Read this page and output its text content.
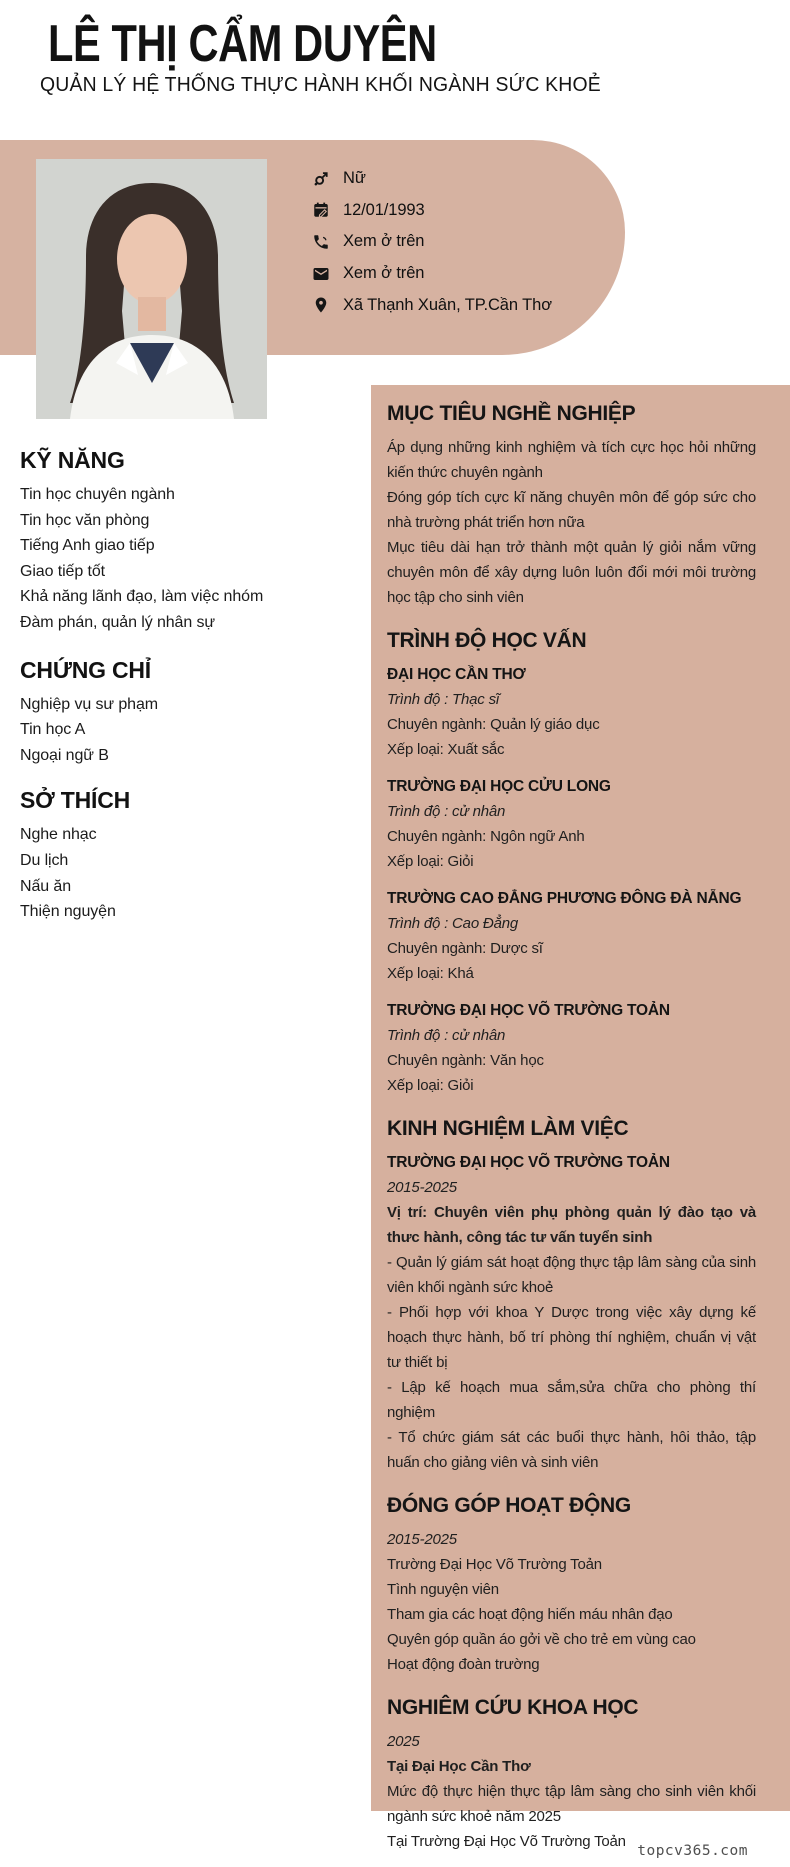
LÊ THỊ CẨM DUYÊN
QUẢN LÝ HỆ THỐNG THỰC HÀNH KHỐI NGÀNH SỨC KHOẺ
Nữ
12/01/1993
Xem ở trên
Xem ở trên
Xã Thạnh Xuân, TP.Cần Thơ
KỸ NĂNG
Tin học chuyên ngành
Tin học văn phòng
Tiếng Anh giao tiếp
Giao tiếp tốt
Khả năng lãnh đạo, làm việc nhóm
Đàm phán, quản lý nhân sự
CHỨNG CHỈ
Nghiệp vụ sư phạm
Tin học A
Ngoại ngữ B
SỞ THÍCH
Nghe nhạc
Du lịch
Nấu ăn
Thiện nguyện
MỤC TIÊU NGHỀ NGHIỆP

Áp dụng những kinh nghiệm và tích cực học hỏi những kiến thức chuyên ngành

Đóng góp tích cực kĩ năng chuyên môn để góp sức cho nhà trường phát triển hơn nữa

Mục tiêu dài hạn trở thành một quản lý giỏi nắm vững chuyên môn để xây dựng luôn luôn đổi mới môi trường học tập cho sinh viên

TRÌNH ĐỘ HỌC VẤN
ĐẠI HỌC CẦN THƠ
Trình độ : Thạc sĩ
Chuyên ngành: Quản lý giáo dục
Xếp loại: Xuất sắc
TRƯỜNG ĐẠI HỌC CỬU LONG
Trình độ : cử nhân
Chuyên ngành: Ngôn ngữ Anh
Xếp loại: Giỏi
TRƯỜNG CAO ĐẲNG PHƯƠNG ĐÔNG ĐÀ NẴNG
Trình độ : Cao Đẳng
Chuyên ngành: Dược sĩ
Xếp loại: Khá
TRƯỜNG ĐẠI HỌC VÕ TRƯỜNG TOẢN
Trình độ : cử nhân
Chuyên ngành: Văn học
Xếp loại: Giỏi
KINH NGHIỆM LÀM VIỆC
TRƯỜNG ĐẠI HỌC VÕ TRƯỜNG TOẢN
2015-2025

Vị trí: Chuyên viên phụ phòng quản lý đào tạo và thưc hành, công tác tư vấn tuyển sinh

- Quản lý giám sát hoạt động thực tập lâm sàng của sinh viên khối ngành sức khoẻ

- Phối hợp với khoa Y Dược trong việc xây dựng kế hoạch thực hành, bố trí phòng thí nghiệm, chuẩn vị vật tư thiết bị

- Lập kế hoạch mua sắm,sửa chữa cho phòng thí nghiệm

- Tổ chức giám sát các buổi thực hành, hôi thảo, tập huấn cho giảng viên và sinh viên

ĐÓNG GÓP HOẠT ĐỘNG
2015-2025
Trường Đại Học Võ Trường Toản
Tình nguyện viên
Tham gia các hoạt động hiến máu nhân đạo
Quyên góp quần áo gởi về cho trẻ em vùng cao
Hoạt động đoàn trường
NGHIÊM CỨU KHOA HỌC
2025
Tại Đại Học Cần Thơ

Mức độ thực hiện thực tập lâm sàng cho sinh viên khối ngành sức khoẻ năm 2025

Tại Trường Đại Học Võ Trường Toản
topcv365.com
